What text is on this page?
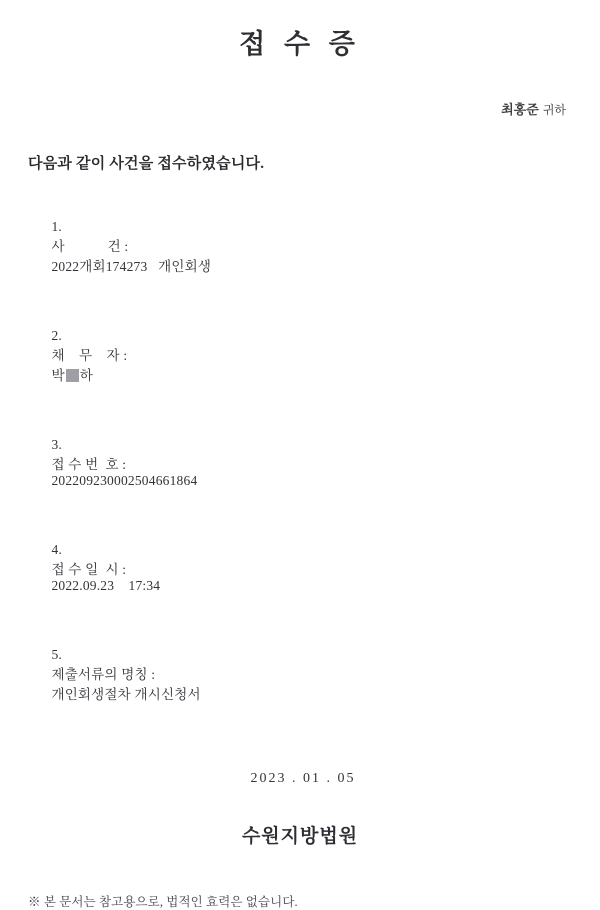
접 수 증
최홍준 귀하
다음과 같이 사건을 접수하였습니다.

1.
사            건 :
2022개회174273   개인회생

2.
채    무    자 :
박 하

3.
접 수 번  호 :
202209230002504661864

4.
접 수 일  시 :
2022.09.23    17:34

5.
제출서류의 명칭 :
개인회생절차 개시신청서

2023 . 01 . 05
수원지방법원
※ 본 문서는 참고용으로, 법적인 효력은 없습니다.
